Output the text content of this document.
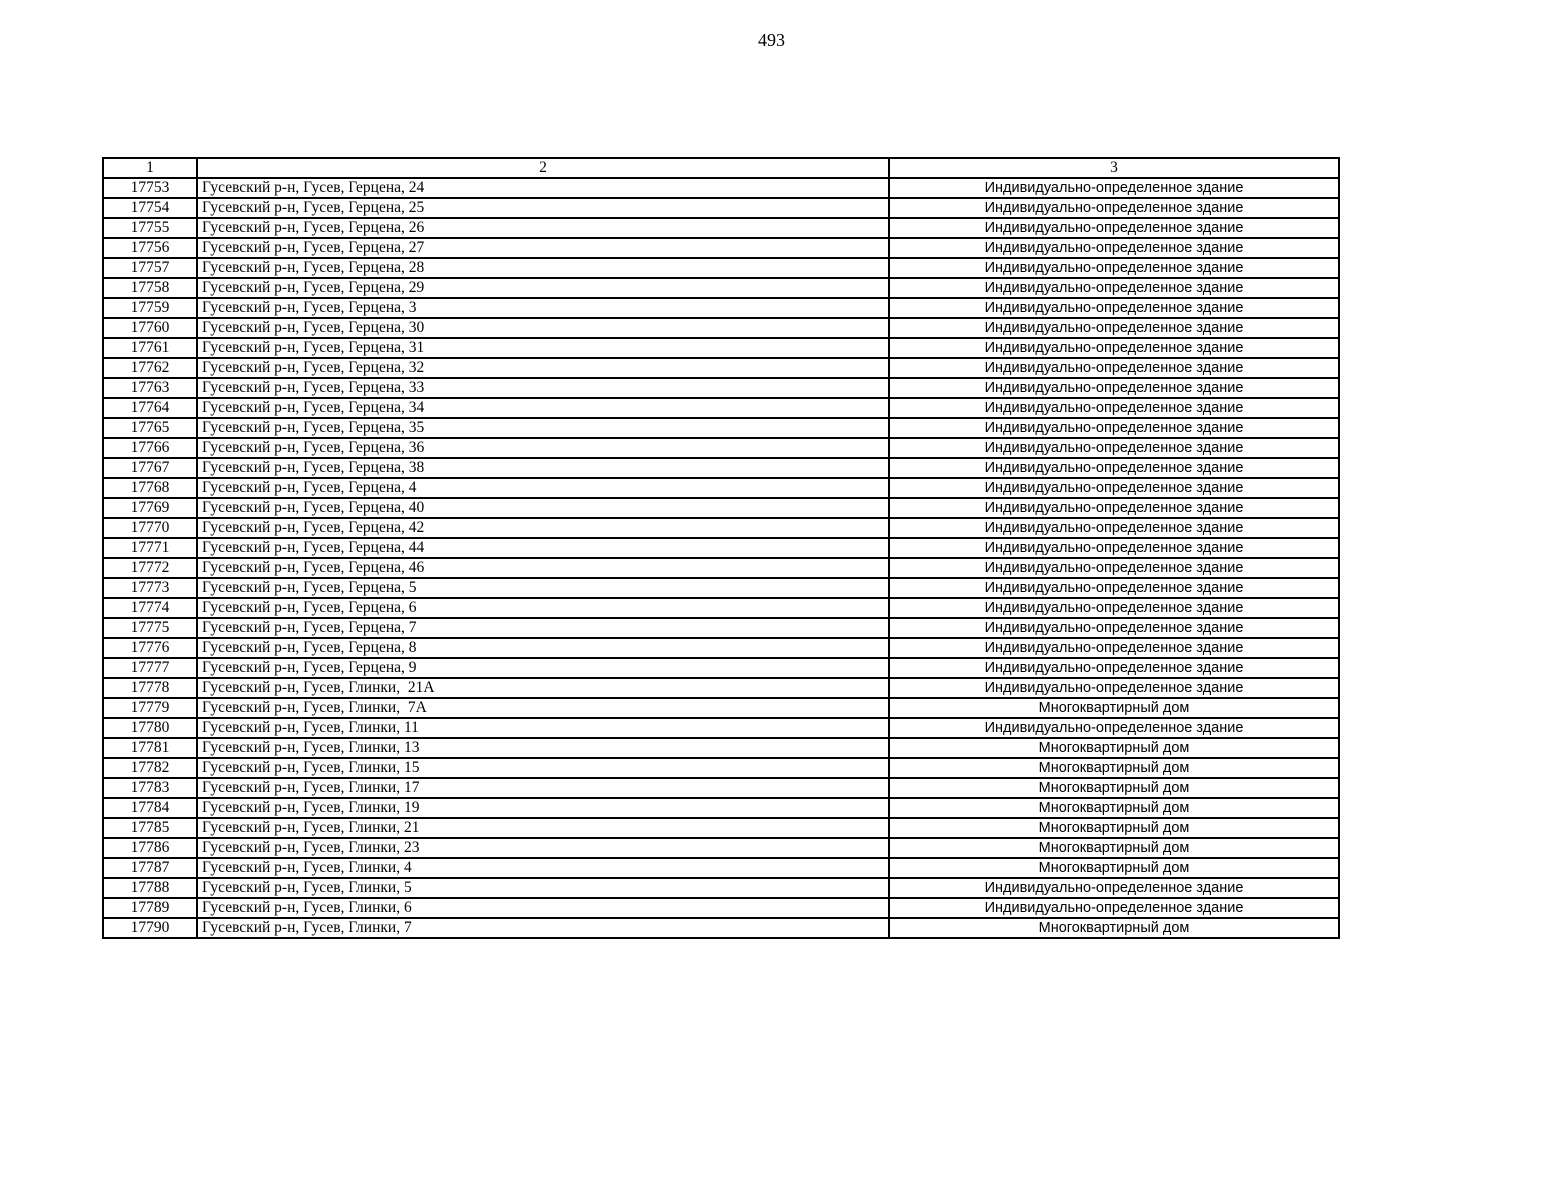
493
1	2	3
17753	Гусевский р-н, Гусев, Герцена, 24	Индивидуально-определенное здание
17754	Гусевский р-н, Гусев, Герцена, 25	Индивидуально-определенное здание
17755	Гусевский р-н, Гусев, Герцена, 26	Индивидуально-определенное здание
17756	Гусевский р-н, Гусев, Герцена, 27	Индивидуально-определенное здание
17757	Гусевский р-н, Гусев, Герцена, 28	Индивидуально-определенное здание
17758	Гусевский р-н, Гусев, Герцена, 29	Индивидуально-определенное здание
17759	Гусевский р-н, Гусев, Герцена, 3	Индивидуально-определенное здание
17760	Гусевский р-н, Гусев, Герцена, 30	Индивидуально-определенное здание
17761	Гусевский р-н, Гусев, Герцена, 31	Индивидуально-определенное здание
17762	Гусевский р-н, Гусев, Герцена, 32	Индивидуально-определенное здание
17763	Гусевский р-н, Гусев, Герцена, 33	Индивидуально-определенное здание
17764	Гусевский р-н, Гусев, Герцена, 34	Индивидуально-определенное здание
17765	Гусевский р-н, Гусев, Герцена, 35	Индивидуально-определенное здание
17766	Гусевский р-н, Гусев, Герцена, 36	Индивидуально-определенное здание
17767	Гусевский р-н, Гусев, Герцена, 38	Индивидуально-определенное здание
17768	Гусевский р-н, Гусев, Герцена, 4	Индивидуально-определенное здание
17769	Гусевский р-н, Гусев, Герцена, 40	Индивидуально-определенное здание
17770	Гусевский р-н, Гусев, Герцена, 42	Индивидуально-определенное здание
17771	Гусевский р-н, Гусев, Герцена, 44	Индивидуально-определенное здание
17772	Гусевский р-н, Гусев, Герцена, 46	Индивидуально-определенное здание
17773	Гусевский р-н, Гусев, Герцена, 5	Индивидуально-определенное здание
17774	Гусевский р-н, Гусев, Герцена, 6	Индивидуально-определенное здание
17775	Гусевский р-н, Гусев, Герцена, 7	Индивидуально-определенное здание
17776	Гусевский р-н, Гусев, Герцена, 8	Индивидуально-определенное здание
17777	Гусевский р-н, Гусев, Герцена, 9	Индивидуально-определенное здание
17778	Гусевский р-н, Гусев, Глинки,  21А	Индивидуально-определенное здание
17779	Гусевский р-н, Гусев, Глинки,  7А	Многоквартирный дом
17780	Гусевский р-н, Гусев, Глинки, 11	Индивидуально-определенное здание
17781	Гусевский р-н, Гусев, Глинки, 13	Многоквартирный дом
17782	Гусевский р-н, Гусев, Глинки, 15	Многоквартирный дом
17783	Гусевский р-н, Гусев, Глинки, 17	Многоквартирный дом
17784	Гусевский р-н, Гусев, Глинки, 19	Многоквартирный дом
17785	Гусевский р-н, Гусев, Глинки, 21	Многоквартирный дом
17786	Гусевский р-н, Гусев, Глинки, 23	Многоквартирный дом
17787	Гусевский р-н, Гусев, Глинки, 4	Многоквартирный дом
17788	Гусевский р-н, Гусев, Глинки, 5	Индивидуально-определенное здание
17789	Гусевский р-н, Гусев, Глинки, 6	Индивидуально-определенное здание
17790	Гусевский р-н, Гусев, Глинки, 7	Многоквартирный дом
